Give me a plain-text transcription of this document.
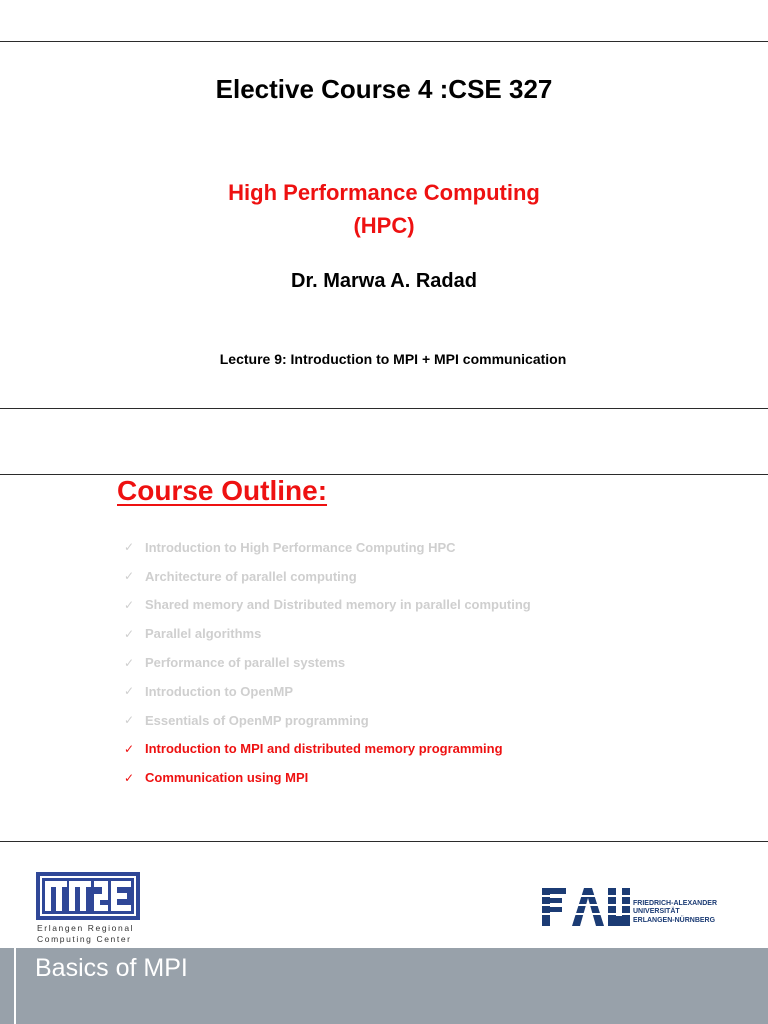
Elective Course 4 :CSE 327
High Performance Computing
(HPC)
Dr. Marwa A. Radad
Lecture 9: Introduction to MPI + MPI communication
Course Outline:
✓ Introduction to High Performance Computing HPC
✓ Architecture of parallel computing
✓ Shared memory and Distributed memory in parallel computing
✓ Parallel algorithms
✓ Performance of parallel systems
✓ Introduction to OpenMP
✓ Essentials of OpenMP programming
✓ Introduction to MPI and distributed memory programming
✓ Communication using MPI
Erlangen Regional
Computing Center
FRIEDRICH-ALEXANDER
UNIVERSITÄT
ERLANGEN-NÜRNBERG
Basics of MPI
